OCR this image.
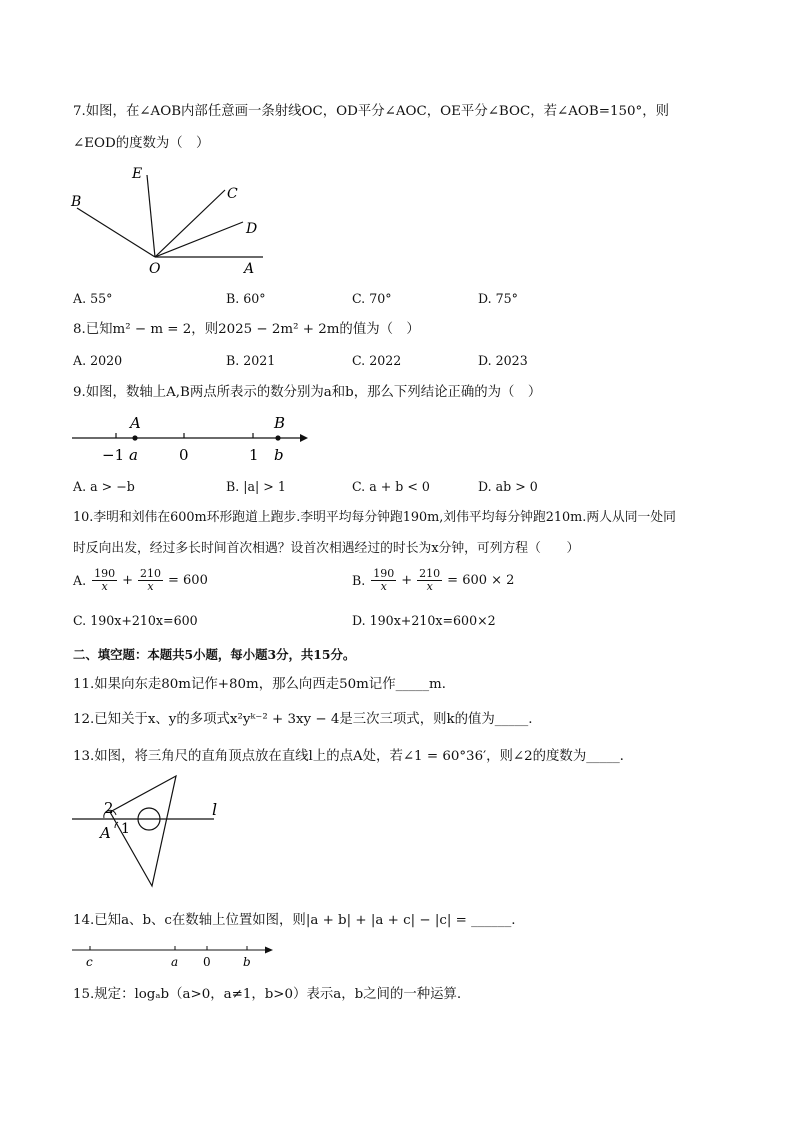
7.如图，在∠AOB内部任意画一条射线OC，OD平分∠AOC，OE平分∠BOC，若∠AOB=150°，则
∠EOD的度数为（　）
B
E
C
D
O	A
A. 55°	B. 60°	C. 70°	D. 75°
8.已知m² − m = 2，则2025 − 2m² + 2m的值为（　）
A. 2020	B. 2021	C. 2022	D. 2023
9.如图，数轴上A,B两点所表示的数分别为a和b，那么下列结论正确的为（　）
A	B
−1 a	0	1 b
A. a > −b	B. |a| > 1	C. a + b < 0	D. ab > 0
10.李明和刘伟在600m环形跑道上跑步.李明平均每分钟跑190m,刘伟平均每分钟跑210m.两人从同一处同
时反向出发，经过多长时间首次相遇？设首次相遇经过的时长为x分钟，可列方程（　　）
A. $\frac{190}{x} + \frac{210}{x} = 600$	B. $\frac{190}{x} + \frac{210}{x} = 600 \times 2$
C. 190x+210x=600	D. 190x+210x=600×2
二、填空题：本题共5小题，每小题3分，共15分。
11.如果向东走80m记作+80m，那么向西走50m记作_____m．
12.已知关于x、y的多项式x²yᵏ⁻² + 3xy − 4是三次三项式，则k的值为_____.
13.如图，将三角尺的直角顶点放在直线l上的点A处，若∠1 = 60°36′，则∠2的度数为_____.
2
1
A
l
14.已知a、b、c在数轴上位置如图，则|a + b| + |a + c| − |c| = ______.
c	a 0	b
15.规定：logₐb（a>0，a≠1，b>0）表示a，b之间的一种运算.
